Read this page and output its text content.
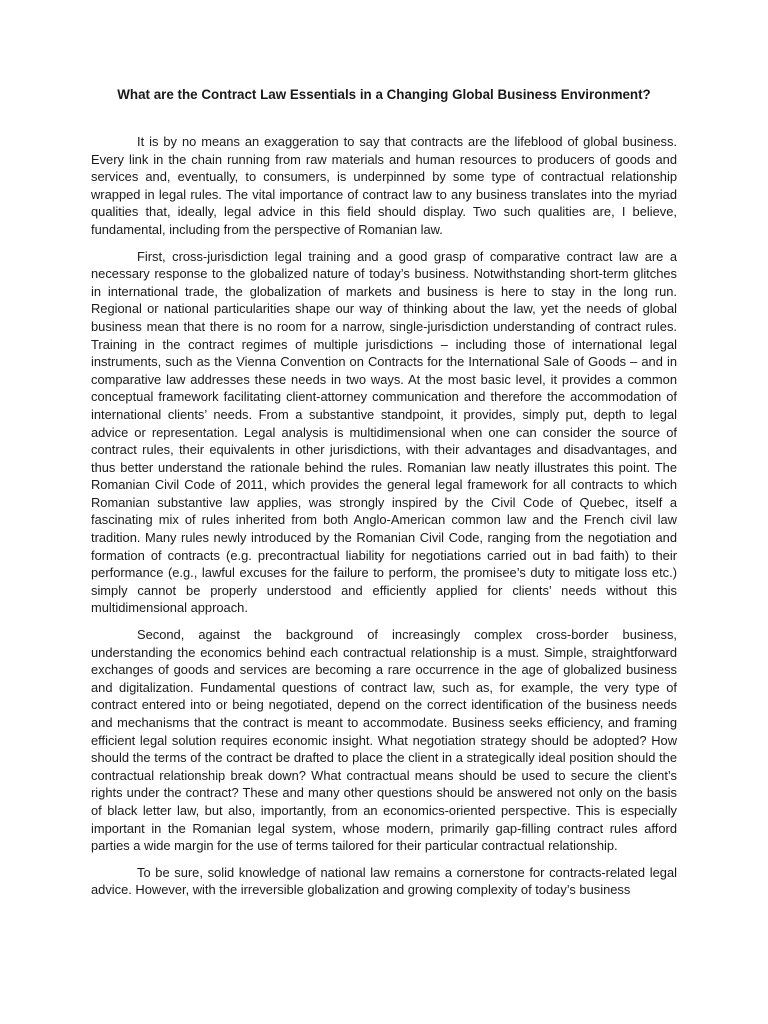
What are the Contract Law Essentials in a Changing Global Business Environment?

It is by no means an exaggeration to say that contracts are the lifeblood of global business. Every link in the chain running from raw materials and human resources to producers of goods and services and, eventually, to consumers, is underpinned by some type of contractual relationship wrapped in legal rules. The vital importance of contract law to any business translates into the myriad qualities that, ideally, legal advice in this field should display. Two such qualities are, I believe, fundamental, including from the perspective of Romanian law.

First, cross-jurisdiction legal training and a good grasp of comparative contract law are a necessary response to the globalized nature of today’s business. Notwithstanding short-term glitches in international trade, the globalization of markets and business is here to stay in the long run. Regional or national particularities shape our way of thinking about the law, yet the needs of global business mean that there is no room for a narrow, single-jurisdiction understanding of contract rules. Training in the contract regimes of multiple jurisdictions – including those of international legal instruments, such as the Vienna Convention on Contracts for the International Sale of Goods – and in comparative law addresses these needs in two ways. At the most basic level, it provides a common conceptual framework facilitating client-attorney communication and therefore the accommodation of international clients’ needs. From a substantive standpoint, it provides, simply put, depth to legal advice or representation. Legal analysis is multidimensional when one can consider the source of contract rules, their equivalents in other jurisdictions, with their advantages and disadvantages, and thus better understand the rationale behind the rules. Romanian law neatly illustrates this point. The Romanian Civil Code of 2011, which provides the general legal framework for all contracts to which Romanian substantive law applies, was strongly inspired by the Civil Code of Quebec, itself a fascinating mix of rules inherited from both Anglo-American common law and the French civil law tradition. Many rules newly introduced by the Romanian Civil Code, ranging from the negotiation and formation of contracts (e.g. precontractual liability for negotiations carried out in bad faith) to their performance (e.g., lawful excuses for the failure to perform, the promisee’s duty to mitigate loss etc.) simply cannot be properly understood and efficiently applied for clients’ needs without this multidimensional approach.

Second, against the background of increasingly complex cross-border business, understanding the economics behind each contractual relationship is a must. Simple, straightforward exchanges of goods and services are becoming a rare occurrence in the age of globalized business and digitalization. Fundamental questions of contract law, such as, for example, the very type of contract entered into or being negotiated, depend on the correct identification of the business needs and mechanisms that the contract is meant to accommodate. Business seeks efficiency, and framing efficient legal solution requires economic insight. What negotiation strategy should be adopted? How should the terms of the contract be drafted to place the client in a strategically ideal position should the contractual relationship break down? What contractual means should be used to secure the client’s rights under the contract? These and many other questions should be answered not only on the basis of black letter law, but also, importantly, from an economics-oriented perspective. This is especially important in the Romanian legal system, whose modern, primarily gap-filling contract rules afford parties a wide margin for the use of terms tailored for their particular contractual relationship.

To be sure, solid knowledge of national law remains a cornerstone for contracts-related legal advice. However, with the irreversible globalization and growing complexity of today’s business
